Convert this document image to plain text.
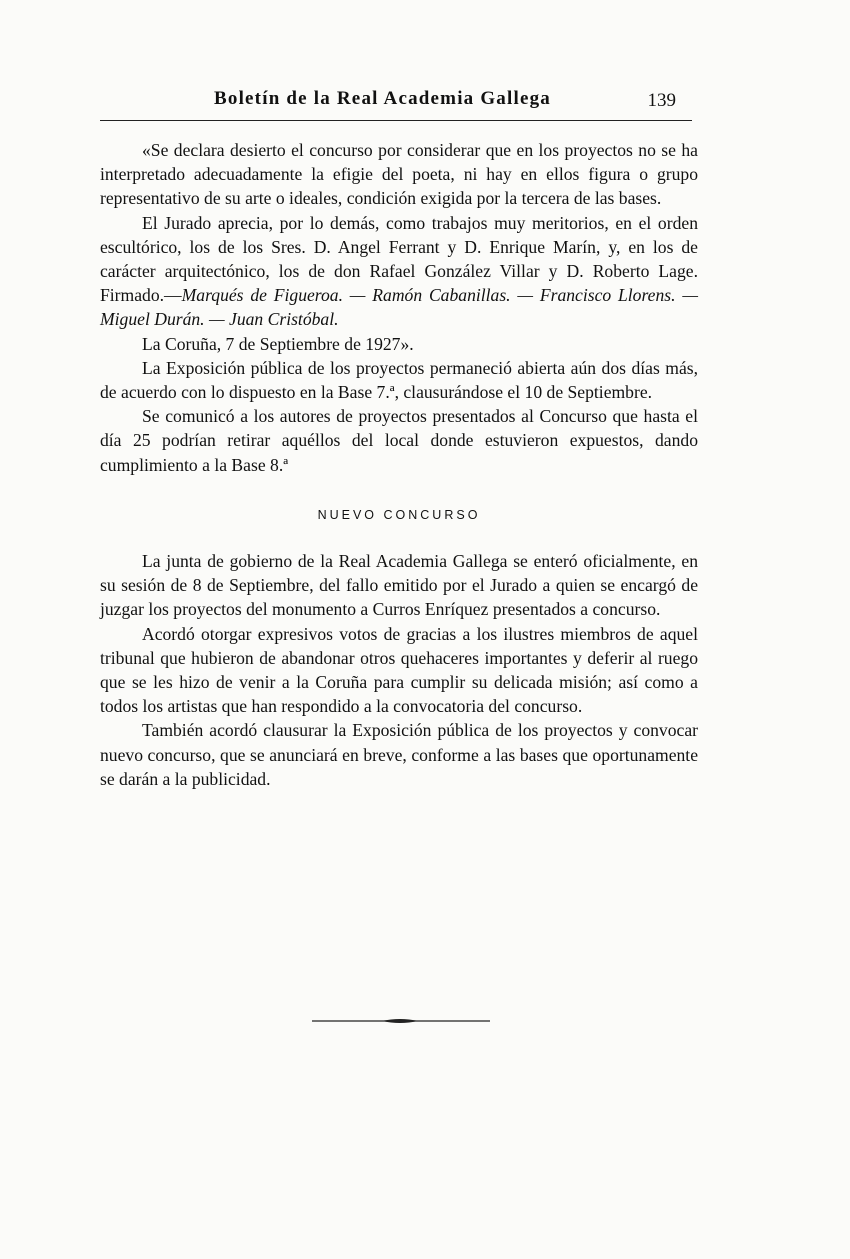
Boletín de la Real Academia Gallega	139

«Se declara desierto el concurso por considerar que en los proyectos no se ha interpretado adecuadamente la efigie del poeta, ni hay en ellos figura o grupo representativo de su arte o ideales, condición exigida por la tercera de las bases.

El Jurado aprecia, por lo demás, como trabajos muy meritorios, en el orden escultórico, los de los Sres. D. Angel Ferrant y D. Enrique Marín, y, en los de carácter arquitectónico, los de don Rafael González Villar y D. Roberto Lage. Firmado.—Marqués de Figueroa. — Ramón Cabanillas. — Francisco Llorens. — Miguel Durán. — Juan Cristóbal.

La Coruña, 7 de Septiembre de 1927».

La Exposición pública de los proyectos permaneció abierta aún dos días más, de acuerdo con lo dispuesto en la Base 7.ª, clausurándose el 10 de Septiembre.

Se comunicó a los autores de proyectos presentados al Concurso que hasta el día 25 podrían retirar aquéllos del local donde estuvieron expuestos, dando cumplimiento a la Base 8.ª

NUEVO CONCURSO

La junta de gobierno de la Real Academia Gallega se enteró oficialmente, en su sesión de 8 de Septiembre, del fallo emitido por el Jurado a quien se encargó de juzgar los proyectos del monumento a Curros Enríquez presentados a concurso.

Acordó otorgar expresivos votos de gracias a los ilustres miembros de aquel tribunal que hubieron de abandonar otros quehaceres importantes y deferir al ruego que se les hizo de venir a la Coruña para cumplir su delicada misión; así como a todos los artistas que han respondido a la convocatoria del concurso.

También acordó clausurar la Exposición pública de los proyectos y convocar nuevo concurso, que se anunciará en breve, conforme a las bases que oportunamente se darán a la publicidad.
